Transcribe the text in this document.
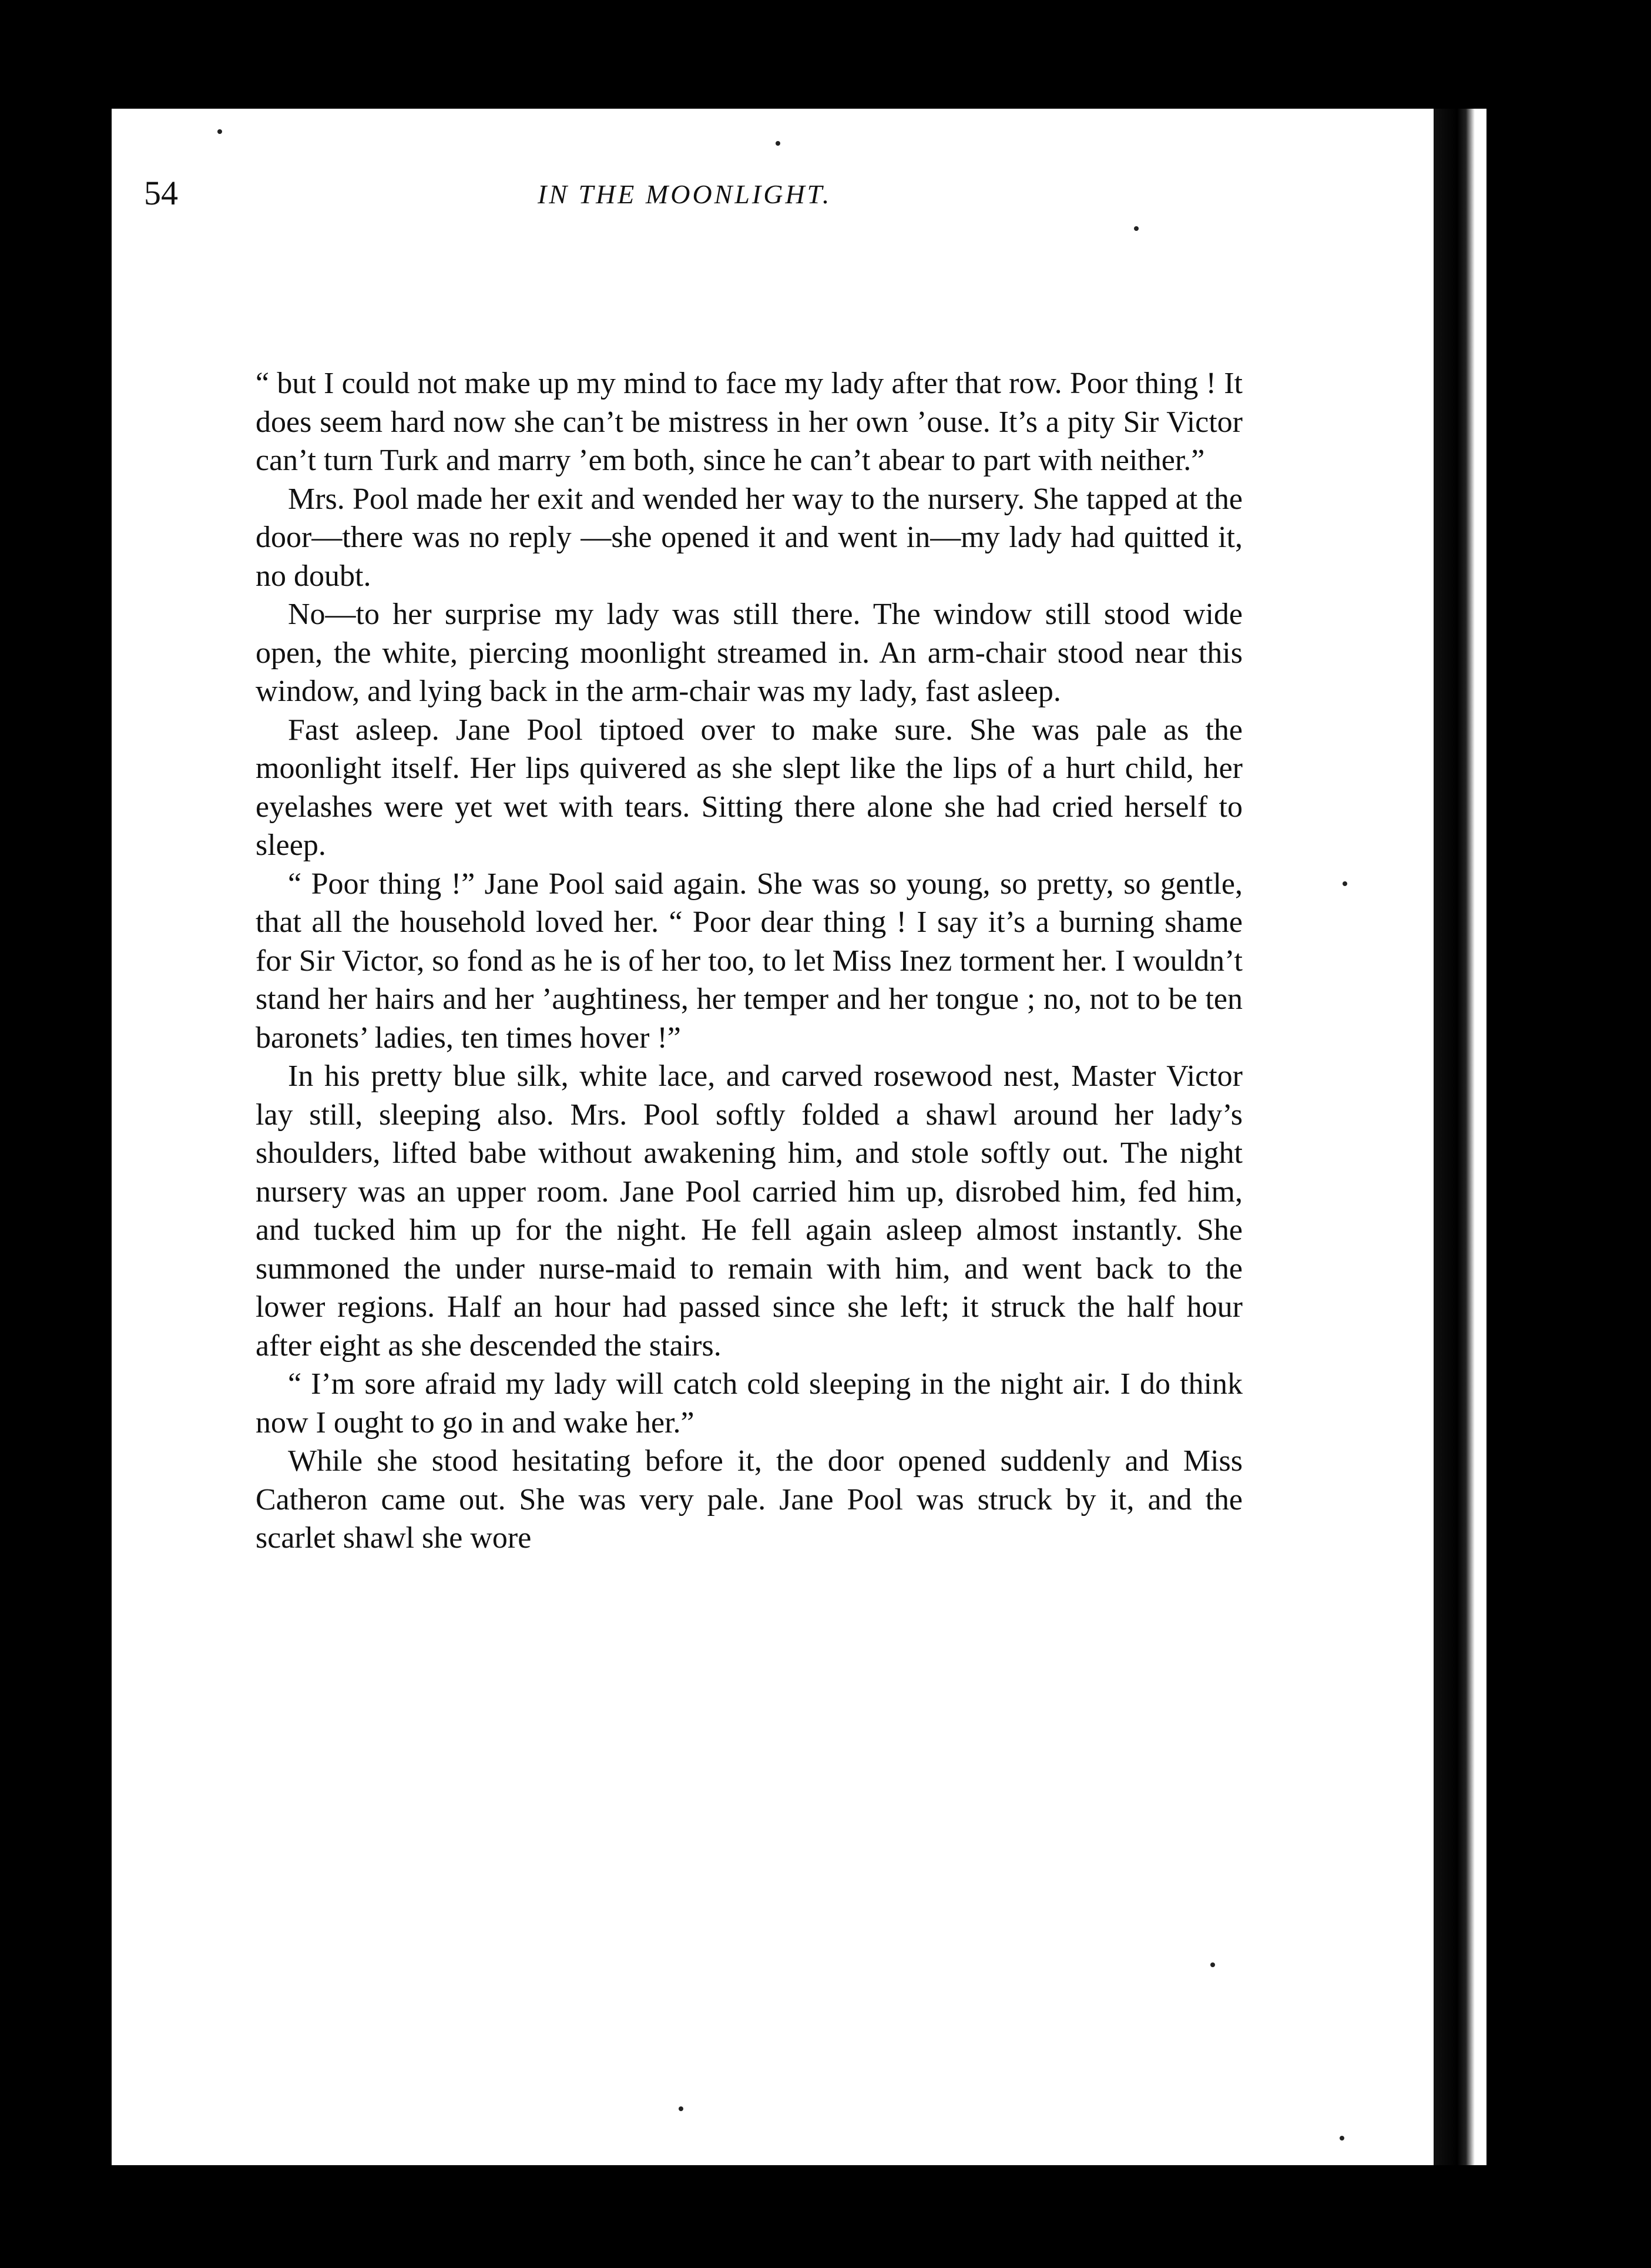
54	IN THE MOONLIGHT.

“ but I could not make up my mind to face my lady after that row. Poor thing ! It does seem hard now she can’t be mistress in her own ’ouse. It’s a pity Sir Victor can’t turn Turk and marry ’em both, since he can’t abear to part with neither.”

Mrs. Pool made her exit and wended her way to the nursery. She tapped at the door—there was no reply —she opened it and went in—my lady had quitted it, no doubt.

No—to her surprise my lady was still there. The window still stood wide open, the white, piercing moonlight streamed in. An arm-chair stood near this window, and lying back in the arm-chair was my lady, fast asleep.

Fast asleep. Jane Pool tiptoed over to make sure. She was pale as the moonlight itself. Her lips quivered as she slept like the lips of a hurt child, her eyelashes were yet wet with tears. Sitting there alone she had cried herself to sleep.

“ Poor thing !” Jane Pool said again. She was so young, so pretty, so gentle, that all the household loved her. “ Poor dear thing ! I say it’s a burning shame for Sir Victor, so fond as he is of her too, to let Miss Inez torment her. I wouldn’t stand her hairs and her ’aughtiness, her temper and her tongue ; no, not to be ten baronets’ ladies, ten times hover !”

In his pretty blue silk, white lace, and carved rosewood nest, Master Victor lay still, sleeping also. Mrs. Pool softly folded a shawl around her lady’s shoulders, lifted babe without awakening him, and stole softly out. The night nursery was an upper room. Jane Pool carried him up, disrobed him, fed him, and tucked him up for the night. He fell again asleep almost instantly. She summoned the under nurse-maid to remain with him, and went back to the lower regions. Half an hour had passed since she left; it struck the half hour after eight as she descended the stairs.

“ I’m sore afraid my lady will catch cold sleeping in the night air. I do think now I ought to go in and wake her.”

While she stood hesitating before it, the door opened suddenly and Miss Catheron came out. She was very pale. Jane Pool was struck by it, and the scarlet shawl she wore
